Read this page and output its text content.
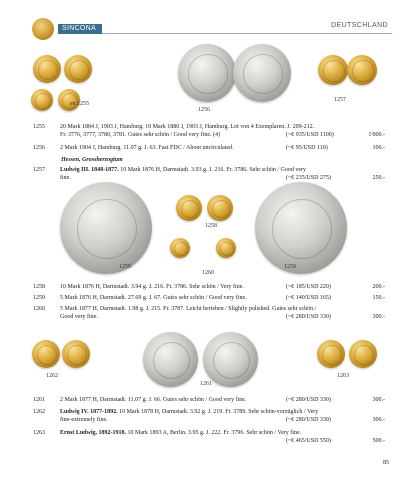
SINCONA	DEUTSCHLAND
ex 1255
1256
1257
1255	20 Mark 1884 J, 1903 J, Hamburg. 10 Mark 1880 J, 1903 J, Hamburg. Lot von 4 Exemplaren. J. 209-212.
Fr. 3776, 3777, 3780, 3781. Gutes sehr schön / Good very fine. (4)	(~€ 935/USD 1100)	1'000.-
1256	2 Mark 1904 J, Hamburg. 11.07 g. J. 63. Fast FDC / About uncirculated.	(~€ 95/USD 110)	100.-
Hessen, Grossherzogtum
1257	Ludwig III. 1848-1877. 10 Mark 1876 H, Darmstadt. 3.93 g. J. 216. Fr. 3786. Sehr schön / Good very
fine.	(~€ 235/USD 275)	250.-
1258
1259	1259
1260
1258	10 Mark 1876 H, Darmstadt. 3.94 g. J. 216. Fr. 3786. Sehr schön / Very fine.	(~€ 185/USD 220)	200.-
1259	5 Mark 1876 H, Darmstadt. 27.69 g. J. 67. Gutes sehr schön / Good very fine.	(~€ 140/USD 165)	150.-
1260	5 Mark 1877 H, Darmstadt. 1.98 g. J. 215. Fr. 3787. Leicht berieben / Slightly polished. Gutes sehr schön /
Good very fine.	(~€ 280/USD 330)	300.-
1262
1261
1263
1261	2 Mark 1877 H, Darmstadt. 11.07 g. J. 66. Gutes sehr schön / Good very fine.	(~€ 280/USD 330)	300.-
1262	Ludwig IV. 1877-1892. 10 Mark 1878 H, Darmstadt. 3.92 g. J. 219. Fr. 3789. Sehr schön-vorzüglich / Very
fine-extremely fine.	(~€ 280/USD 330)	300.-
1263	Ernst Ludwig, 1892-1918. 10 Mark 1893 A, Berlin. 3.95 g. J. 222. Fr. 3796. Sehr schön / Very fine.
(~€ 465/USD 550)	500.-
85
